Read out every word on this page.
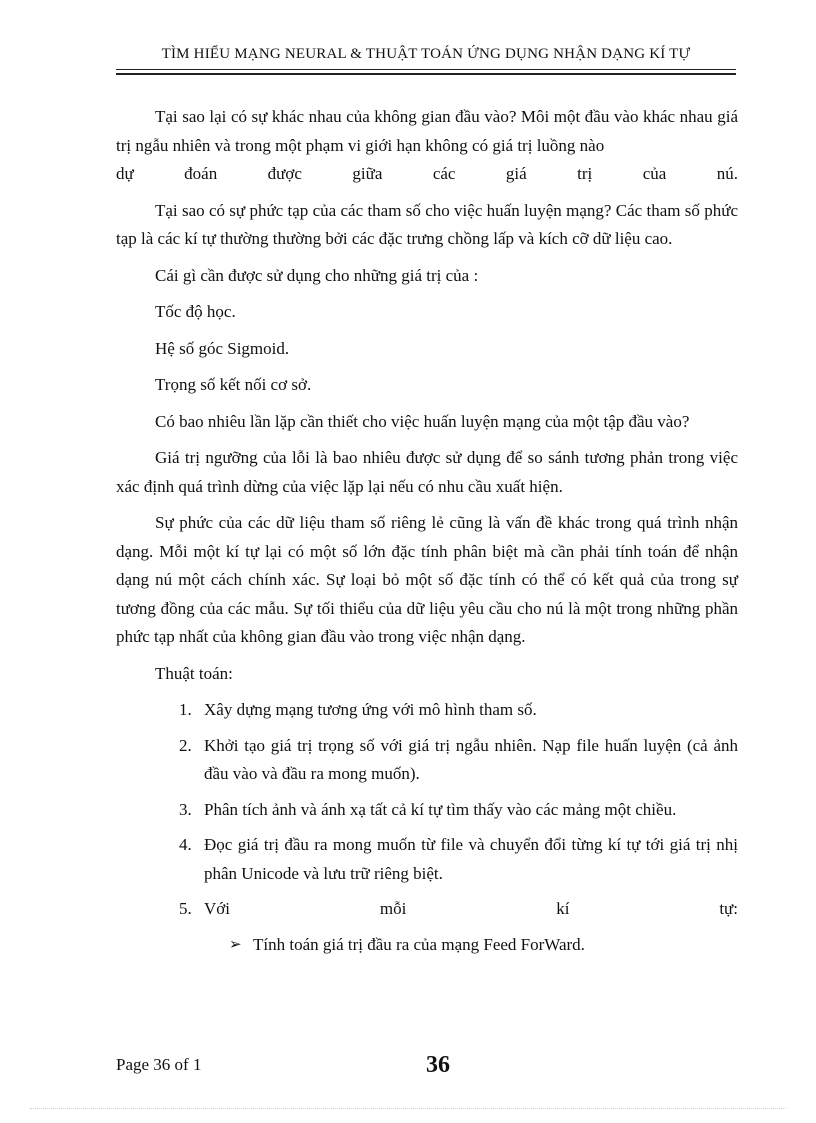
TÌM HIỂU MẠNG NEURAL & THUẬT TOÁN ỨNG DỤNG NHẬN DẠNG KÍ TỰ

Tại sao lại có sự khác nhau của không gian đầu vào? Môi một đầu vào khác nhau giá trị ngẫu nhiên và trong một phạm vi giới hạn không có giá trị luồng nào

dự đoán được giữa các giá trị của nú.

Tại sao có sự phức tạp của các tham số cho việc huấn luyện mạng? Các tham số phức tạp là các kí tự thường thường bởi các đặc trưng chồng lấp và kích cỡ dữ liệu cao.

Cái gì cần được sử dụng cho những giá trị của :

Tốc độ học.

Hệ số góc Sigmoid.

Trọng số kết nối cơ sở.

Có bao nhiêu lần lặp cần thiết cho việc huấn luyện mạng của một tập đầu vào?

Giá trị ngưỡng của lỗi là bao nhiêu được sử dụng để so sánh tương phản trong việc xác định quá trình dừng của việc lặp lại nếu có nhu cầu xuất hiện.

Sự phức của các dữ liệu tham số riêng lẻ cũng là vấn đề khác trong quá trình nhận dạng. Mỗi một kí tự lại có một số lớn đặc tính phân biệt mà cần phải tính toán để nhận dạng nú một cách chính xác. Sự loại bỏ một số đặc tính có thể có kết quả của trong sự tương đồng của các mẫu. Sự tối thiểu của dữ liệu yêu cầu cho nú là một trong những phần phức tạp nhất của không gian đầu vào trong việc nhận dạng.

Thuật toán:

1. Xây dựng mạng tương ứng với mô hình tham số.
2. Khởi tạo giá trị trọng số với giá trị ngẫu nhiên. Nạp file huấn luyện (cả ảnh đầu vào và đầu ra mong muốn).
3. Phân tích ảnh và ánh xạ tất cả kí tự tìm thấy vào các mảng một chiều.
4. Đọc giá trị đầu ra mong muốn từ file và chuyển đổi từng kí tự tới giá trị nhị phân Unicode và lưu trữ riêng biệt.
5. Với mỗi kí tự:
➢ Tính toán giá trị đầu ra của mạng Feed ForWard.
Page 36 of 1	36
